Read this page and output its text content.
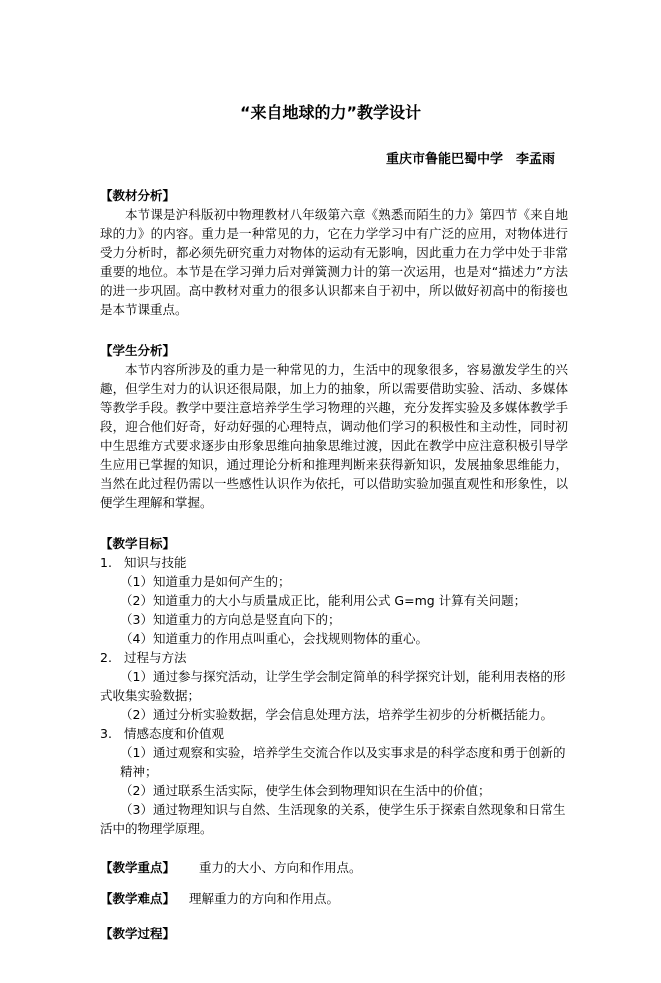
“来自地球的力”教学设计
重庆市鲁能巴蜀中学　李孟雨
【教材分析】
本节课是沪科版初中物理教材八年级第六章《熟悉而陌生的力》第四节《来自地球的力》的内容。重力是一种常见的力，它在力学学习中有广泛的应用，对物体进行受力分析时，都必须先研究重力对物体的运动有无影响，因此重力在力学中处于非常重要的地位。本节是在学习弹力后对弹簧测力计的第一次运用，也是对“描述力”方法的进一步巩固。高中教材对重力的很多认识都来自于初中，所以做好初高中的衔接也是本节课重点。
【学生分析】
本节内容所涉及的重力是一种常见的力，生活中的现象很多，容易激发学生的兴趣，但学生对力的认识还很局限，加上力的抽象，所以需要借助实验、活动、多媒体等教学手段。教学中要注意培养学生学习物理的兴趣，充分发挥实验及多媒体教学手段，迎合他们好奇，好动好强的心理特点，调动他们学习的积极性和主动性，同时初中生思维方式要求逐步由形象思维向抽象思维过渡，因此在教学中应注意积极引导学生应用已掌握的知识，通过理论分析和推理判断来获得新知识，发展抽象思维能力，当然在此过程仍需以一些感性认识作为依托，可以借助实验加强直观性和形象性，以便学生理解和掌握。
【教学目标】
1. 知识与技能
（1）知道重力是如何产生的；
（2）知道重力的大小与质量成正比，能利用公式 G=mg 计算有关问题；
（3）知道重力的方向总是竖直向下的；
（4）知道重力的作用点叫重心，会找规则物体的重心。
2. 过程与方法
（1）通过参与探究活动，让学生学会制定简单的科学探究计划，能利用表格的形式收集实验数据；
（2）通过分析实验数据，学会信息处理方法，培养学生初步的分析概括能力。
3. 情感态度和价值观
（1）通过观察和实验，培养学生交流合作以及实事求是的科学态度和勇于创新的精神；
（2）通过联系生活实际，使学生体会到物理知识在生活中的价值；
（3）通过物理知识与自然、生活现象的关系，使学生乐于探索自然现象和日常生活中的物理学原理。
【教学重点】 重力的大小、方向和作用点。
【教学难点】 理解重力的方向和作用点。
【教学过程】
